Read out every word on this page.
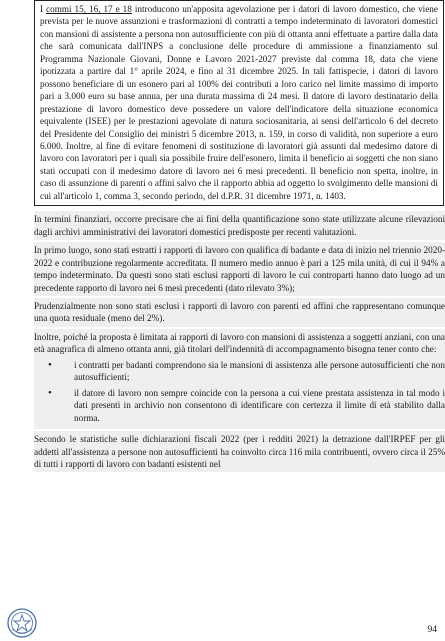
I commi 15, 16, 17 e 18 introducono un'apposita agevolazione per i datori di lavoro domestico, che viene prevista per le nuove assunzioni e trasformazioni di contratti a tempo indeterminato di lavoratori domestici con mansioni di assistente a persona non autosufficiente con più di ottanta anni effettuate a partire dalla data che sarà comunicata dall'INPS a conclusione delle procedure di ammissione a finanziamento sul Programma Nazionale Giovani, Donne e Lavoro 2021-2027 previste dal comma 18, data che viene ipotizzata a partire dal 1° aprile 2024, e fino al 31 dicembre 2025. In tali fattispecie, i datori di lavoro possono beneficiare di un esonero pari al 100% dei contributi a loro carico nel limite massimo di importo pari a 3.000 euro su base annua, per una durata massima di 24 mesi. Il datore di lavoro destinatario della prestazione di lavoro domestico deve possedere un valore dell'indicatore della situazione economica equivalente (ISEE) per le prestazioni agevolate di natura sociosanitaria, ai sensi dell'articolo 6 del decreto del Presidente del Consiglio dei ministri 5 dicembre 2013, n. 159, in corso di validità, non superiore a euro 6.000. Inoltre, al fine di evitare fenomeni di sostituzione di lavoratori già assunti dal medesimo datore di lavoro con lavoratori per i quali sia possibile fruire dell'esonero, limita il beneficio ai soggetti che non siano stati occupati con il medesimo datore di lavoro nei 6 mesi precedenti. Il beneficio non spetta, inoltre, in caso di assunzione di parenti o affini salvo che il rapporto abbia ad oggetto lo svolgimento delle mansioni di cui all'articolo 1, comma 3, secondo periodo, del d.P.R. 31 dicembre 1971, n. 1403.

In termini finanziari, occorre precisare che ai fini della quantificazione sono state utilizzate alcune rilevazioni dagli archivi amministrativi dei lavoratori domestici predisposte per recenti valutazioni.

In primo luogo, sono stati estratti i rapporti di lavoro con qualifica di badante e data di inizio nel triennio 2020-2022 e contribuzione regolarmente accreditata. Il numero medio annuo è pari a 125 mila unità, di cui il 94% a tempo indeterminato. Da questi sono stati esclusi rapporti di lavoro le cui controparti hanno dato luogo ad un precedente rapporto di lavoro nei 6 mesi precedenti (dato rilevato 3%);

Prudenzialmente non sono stati esclusi i rapporti di lavoro con parenti ed affini che rappresentano comunque una quota residuale (meno del 2%).

Inoltre, poiché la proposta è limitata ai rapporti di lavoro con mansioni di assistenza a soggetti anziani, con una età anagrafica di almeno ottanta anni, già titolari dell'indennità di accompagnamento bisogna tener conto che:

• i contratti per badanti comprendono sia le mansioni di assistenza alle persone autosufficienti che non autosufficienti;
• il datore di lavoro non sempre coincide con la persona a cui viene prestata assistenza in tal modo i dati presenti in archivio non consentono di identificare con certezza il limite di età stabilito dalla norma.

Secondo le statistiche sulle dichiarazioni fiscali 2022 (per i redditi 2021) la detrazione dall'IRPEF per gli addetti all'assistenza a persone non autosufficienti ha coinvolto circa 116 mila contribuenti, ovvero circa il 25% di tutti i rapporti di lavoro con badanti esistenti nel

94
